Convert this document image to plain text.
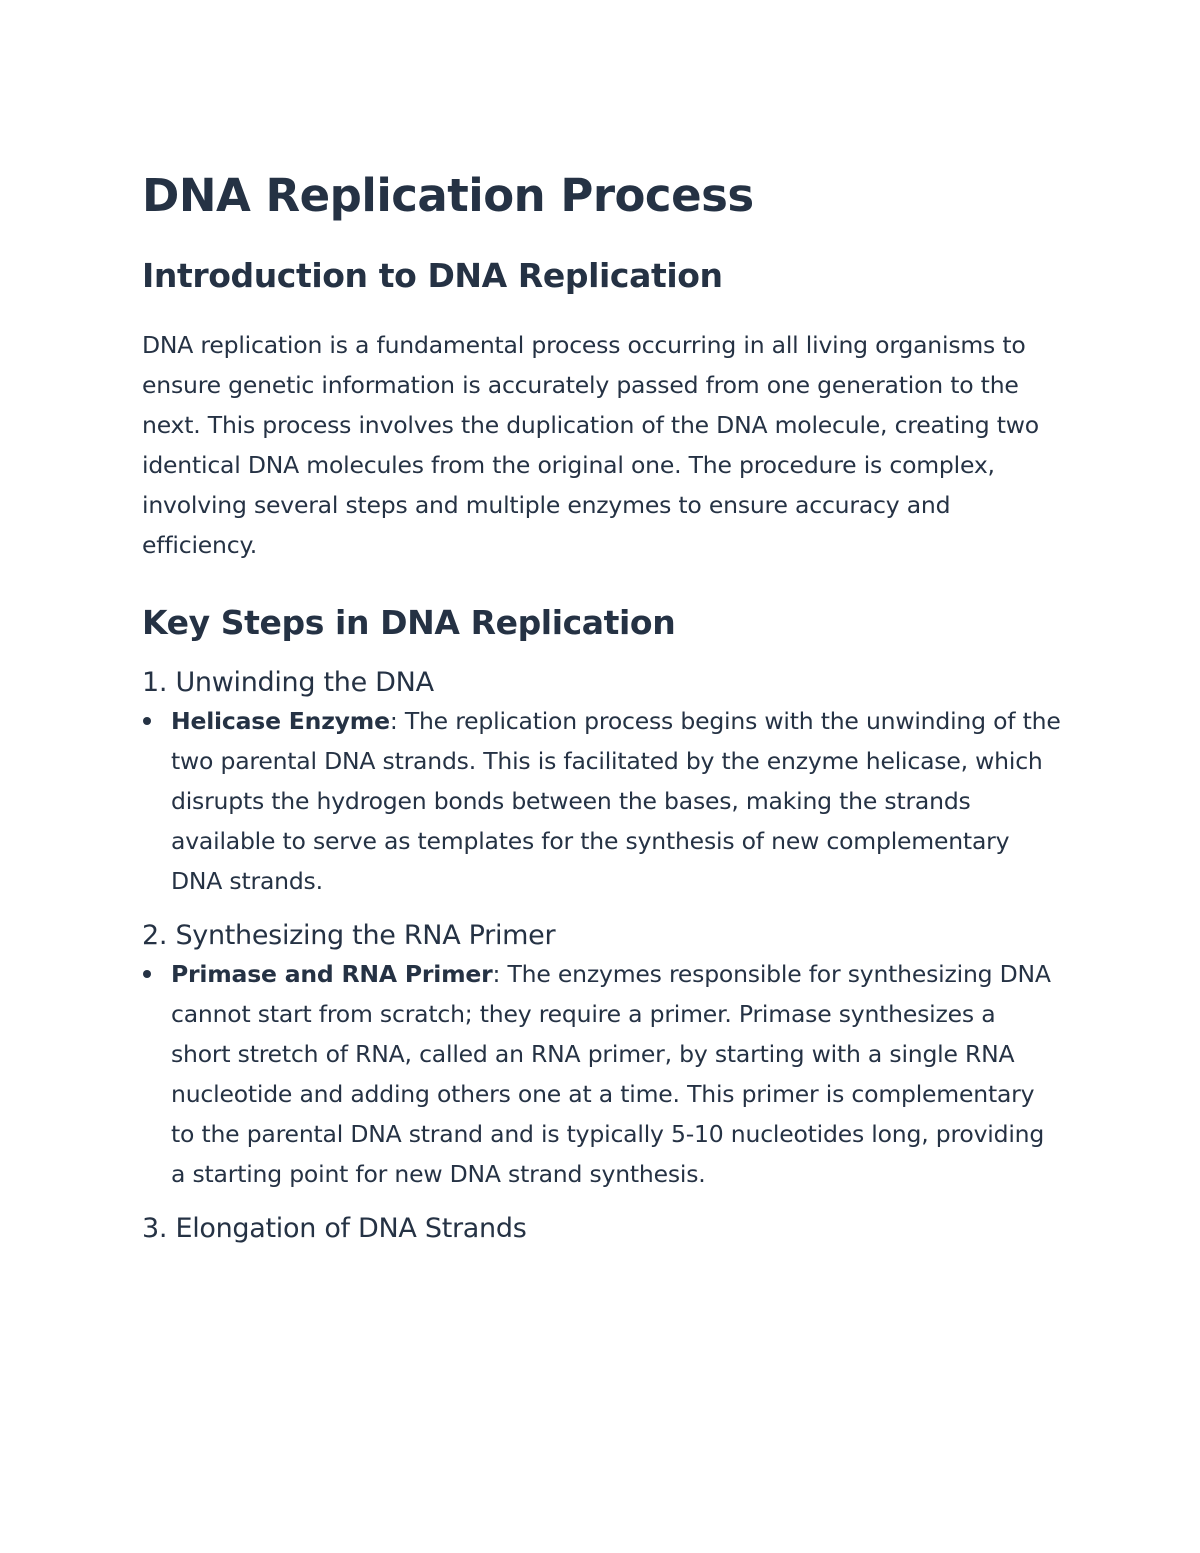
DNA Replication Process
Introduction to DNA Replication

DNA replication is a fundamental process occurring in all living organisms to ensure genetic information is accurately passed from one generation to the next. This process involves the duplication of the DNA molecule, creating two identical DNA molecules from the original one. The procedure is complex, involving several steps and multiple enzymes to ensure accuracy and efficiency.

Key Steps in DNA Replication
1. Unwinding the DNA
Helicase Enzyme: The replication process begins with the unwinding of the two parental DNA strands. This is facilitated by the enzyme helicase, which disrupts the hydrogen bonds between the bases, making the strands available to serve as templates for the synthesis of new complementary DNA strands.
2. Synthesizing the RNA Primer
Primase and RNA Primer: The enzymes responsible for synthesizing DNA cannot start from scratch; they require a primer. Primase synthesizes a short stretch of RNA, called an RNA primer, by starting with a single RNA nucleotide and adding others one at a time. This primer is complementary to the parental DNA strand and is typically 5-10 nucleotides long, providing a starting point for new DNA strand synthesis.
3. Elongation of DNA Strands
